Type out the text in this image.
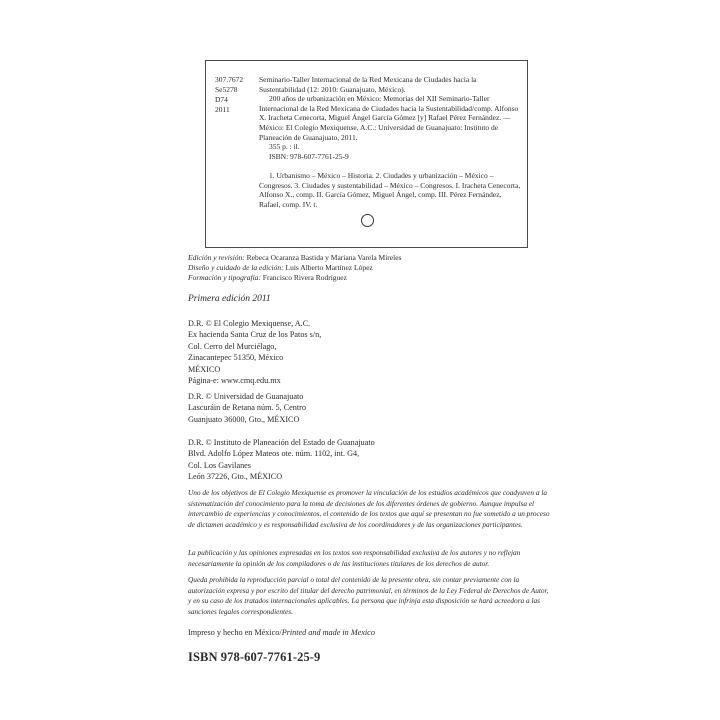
307.7672
Se5278
D74
2011

Seminario-Taller Internacional de la Red Mexicana de Ciudades hacia la Sustentabilidad (12: 2010: Guanajuato, México).

200 años de urbanización en México: Memorias del XII Seminario-Taller Internacional de la Red Mexicana de Ciudades hacia la Sustentabilidad/comp. Alfonso X. Iracheta Cenecorta, Miguel Ángel García Gómez [y] Rafael Pérez Fernández. —México: El Colegio Mexiquense, A.C.: Universidad de Guanajuato: Instituto de Planeación de Guanajuato, 2011.

355 p. : il.

ISBN: 978-607-7761-25-9

1. Urbanismo – México – Historia. 2. Ciudades y urbanización – México – Congresos. 3. Ciudades y sustentabilidad – México – Congresos. I. Iracheta Cenecorta, Alfonso X., comp. II. García Gómez, Miguel Ángel, comp. III. Pérez Fernández, Rafael, comp. IV. t.

Edición y revisión: Rebeca Ocaranza Bastida y Mariana Varela Mireles
Diseño y cuidado de la edición: Luis Alberto Martínez López
Formación y tipografía: Francisco Rivera Rodríguez
Primera edición 2011
D.R. © El Colegio Mexiquense, A.C.
Ex hacienda Santa Cruz de los Patos s/n,
Col. Cerro del Murciélago,
Zinacantepec 51350, México
MÉXICO
Página-e: www.cmq.edu.mx
D.R. © Universidad de Guanajuato
Lascuráin de Retana núm. 5, Centro
Guanjuato 36000, Gto., MÉXICO
D.R. © Instituto de Planeación del Estado de Guanajuato
Blvd. Adolfo López Mateos ote. núm. 1102, int. G4,
Col. Los Gavilanes
León 37226, Gto., MÉXICO

Uno de los objetivos de El Colegio Mexiquense es promover la vinculación de los estudios académicos que coadyuven a la sistematización del conocimiento para la toma de decisiones de los diferentes órdenes de gobierno. Aunque impulsa el intercambio de experiencias y conocimientos, el contenido de los textos que aquí se presentan no fue sometido a un proceso de dictamen académico y es responsabilidad exclusiva de los coordinadores y de las organizaciones participantes.

La publicación y las opiniones expresadas en los textos son responsabilidad exclusiva de los autores y no reflejan necesariamente la opinión de los compiladores o de las instituciones titulares de los derechos de autor.

Queda prohibida la reproducción parcial o total del contenido de la presente obra, sin contar previamente con la autorización expresa y por escrito del titular del derecho patrimonial, en términos de la Ley Federal de Derechos de Autor, y en su caso de los tratados internacionales aplicables. La persona que infrinja esta disposición se hará acreedora a las sanciones legales correspondientes.

Impreso y hecho en México/Printed and made in Mexico
ISBN 978-607-7761-25-9
